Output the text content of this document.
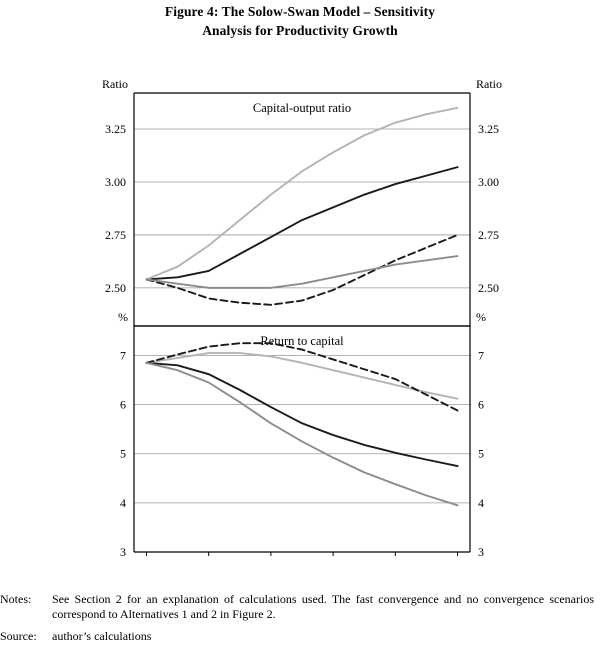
Figure 4: The Solow-Swan Model – Sensitivity
Analysis for Productivity Growth
2.50	2.50
2.75	2.75
3.00	3.00
3.25	3.25
Capital-output ratio
Ratio	Ratio
3	3
4	4
5	5
6	6
7	7
Return to capital
%	%
Notes:	See Section 2 for an explanation of calculations used. The fast convergence and no convergence scenarios correspond to Alternatives 1 and 2 in Figure 2.
Source:	author’s calculations
